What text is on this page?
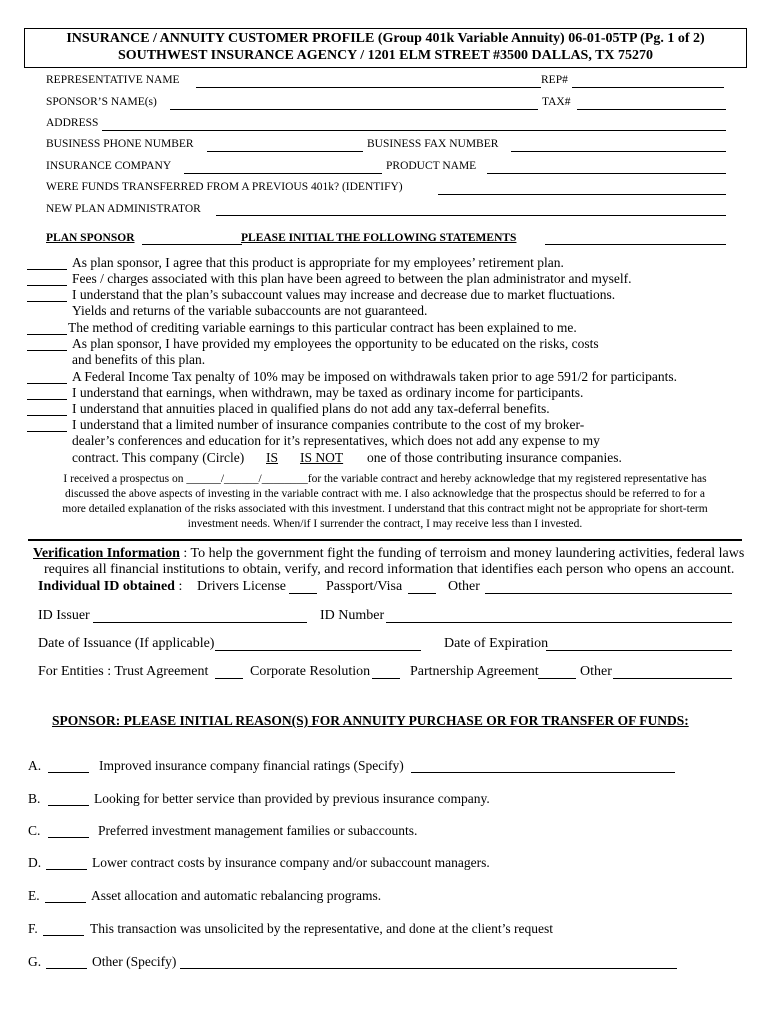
INSURANCE / ANNUITY CUSTOMER PROFILE (Group 401k Variable Annuity) 06-01-05TP (Pg. 1 of 2)
SOUTHWEST INSURANCE AGENCY / 1201 ELM STREET #3500 DALLAS, TX 75270
REPRESENTATIVE NAME	REP#
SPONSOR’S NAME(s)	TAX#
ADDRESS
BUSINESS PHONE NUMBER	BUSINESS FAX NUMBER
INSURANCE COMPANY	PRODUCT NAME
WERE FUNDS TRANSFERRED FROM A PREVIOUS 401k? (IDENTIFY)
NEW PLAN ADMINISTRATOR
PLAN SPONSOR	PLEASE INITIAL THE FOLLOWING STATEMENTS
As plan sponsor, I agree that this product is appropriate for my employees’ retirement plan.
Fees / charges associated with this plan have been agreed to between the plan administrator and myself.
I understand that the plan’s subaccount values may increase and decrease due to market fluctuations.
Yields and returns of the variable subaccounts are not guaranteed.
The method of crediting variable earnings to this particular contract has been explained to me.
As plan sponsor, I have provided my employees the opportunity to be educated on the risks, costs
and benefits of this plan.
A Federal Income Tax penalty of 10% may be imposed on withdrawals taken prior to age 591/2 for participants.
I understand that earnings, when withdrawn, may be taxed as ordinary income for participants.
I understand that annuities placed in qualified plans do not add any tax-deferral benefits.
I understand that a limited number of insurance companies contribute to the cost of my broker-
dealer’s conferences and education for it’s representatives, which does not add any expense to my
contract. This company (Circle) IS IS NOT one of those contributing insurance companies.
I received a prospectus on ______/______/________for the variable contract and hereby acknowledge that my registered representative has
discussed the above aspects of investing in the variable contract with me. I also acknowledge that the prospectus should be referred to for a
more detailed explanation of the risks associated with this investment. I understand that this contract might not be appropriate for short-term
investment needs. When/if I surrender the contract, I may receive less than I invested.
Verification Information : To help the government fight the funding of terroism and money laundering activities, federal laws
requires all financial institutions to obtain, verify, and record information that identifies each person who opens an account.
Individual ID obtained : Drivers License	Passport/Visa	Other
ID Issuer	ID Number
Date of Issuance (If applicable)	Date of Expiration
For Entities : Trust Agreement	Corporate Resolution	Partnership Agreement	Other
SPONSOR: PLEASE INITIAL REASON(S) FOR ANNUITY PURCHASE OR FOR TRANSFER OF FUNDS:
A.	Improved insurance company financial ratings (Specify)
B.	Looking for better service than provided by previous insurance company.
C.	Preferred investment management families or subaccounts.
D.	Lower contract costs by insurance company and/or subaccount managers.
E.	Asset allocation and automatic rebalancing programs.
F.	This transaction was unsolicited by the representative, and done at the client’s request
G.	Other (Specify)
